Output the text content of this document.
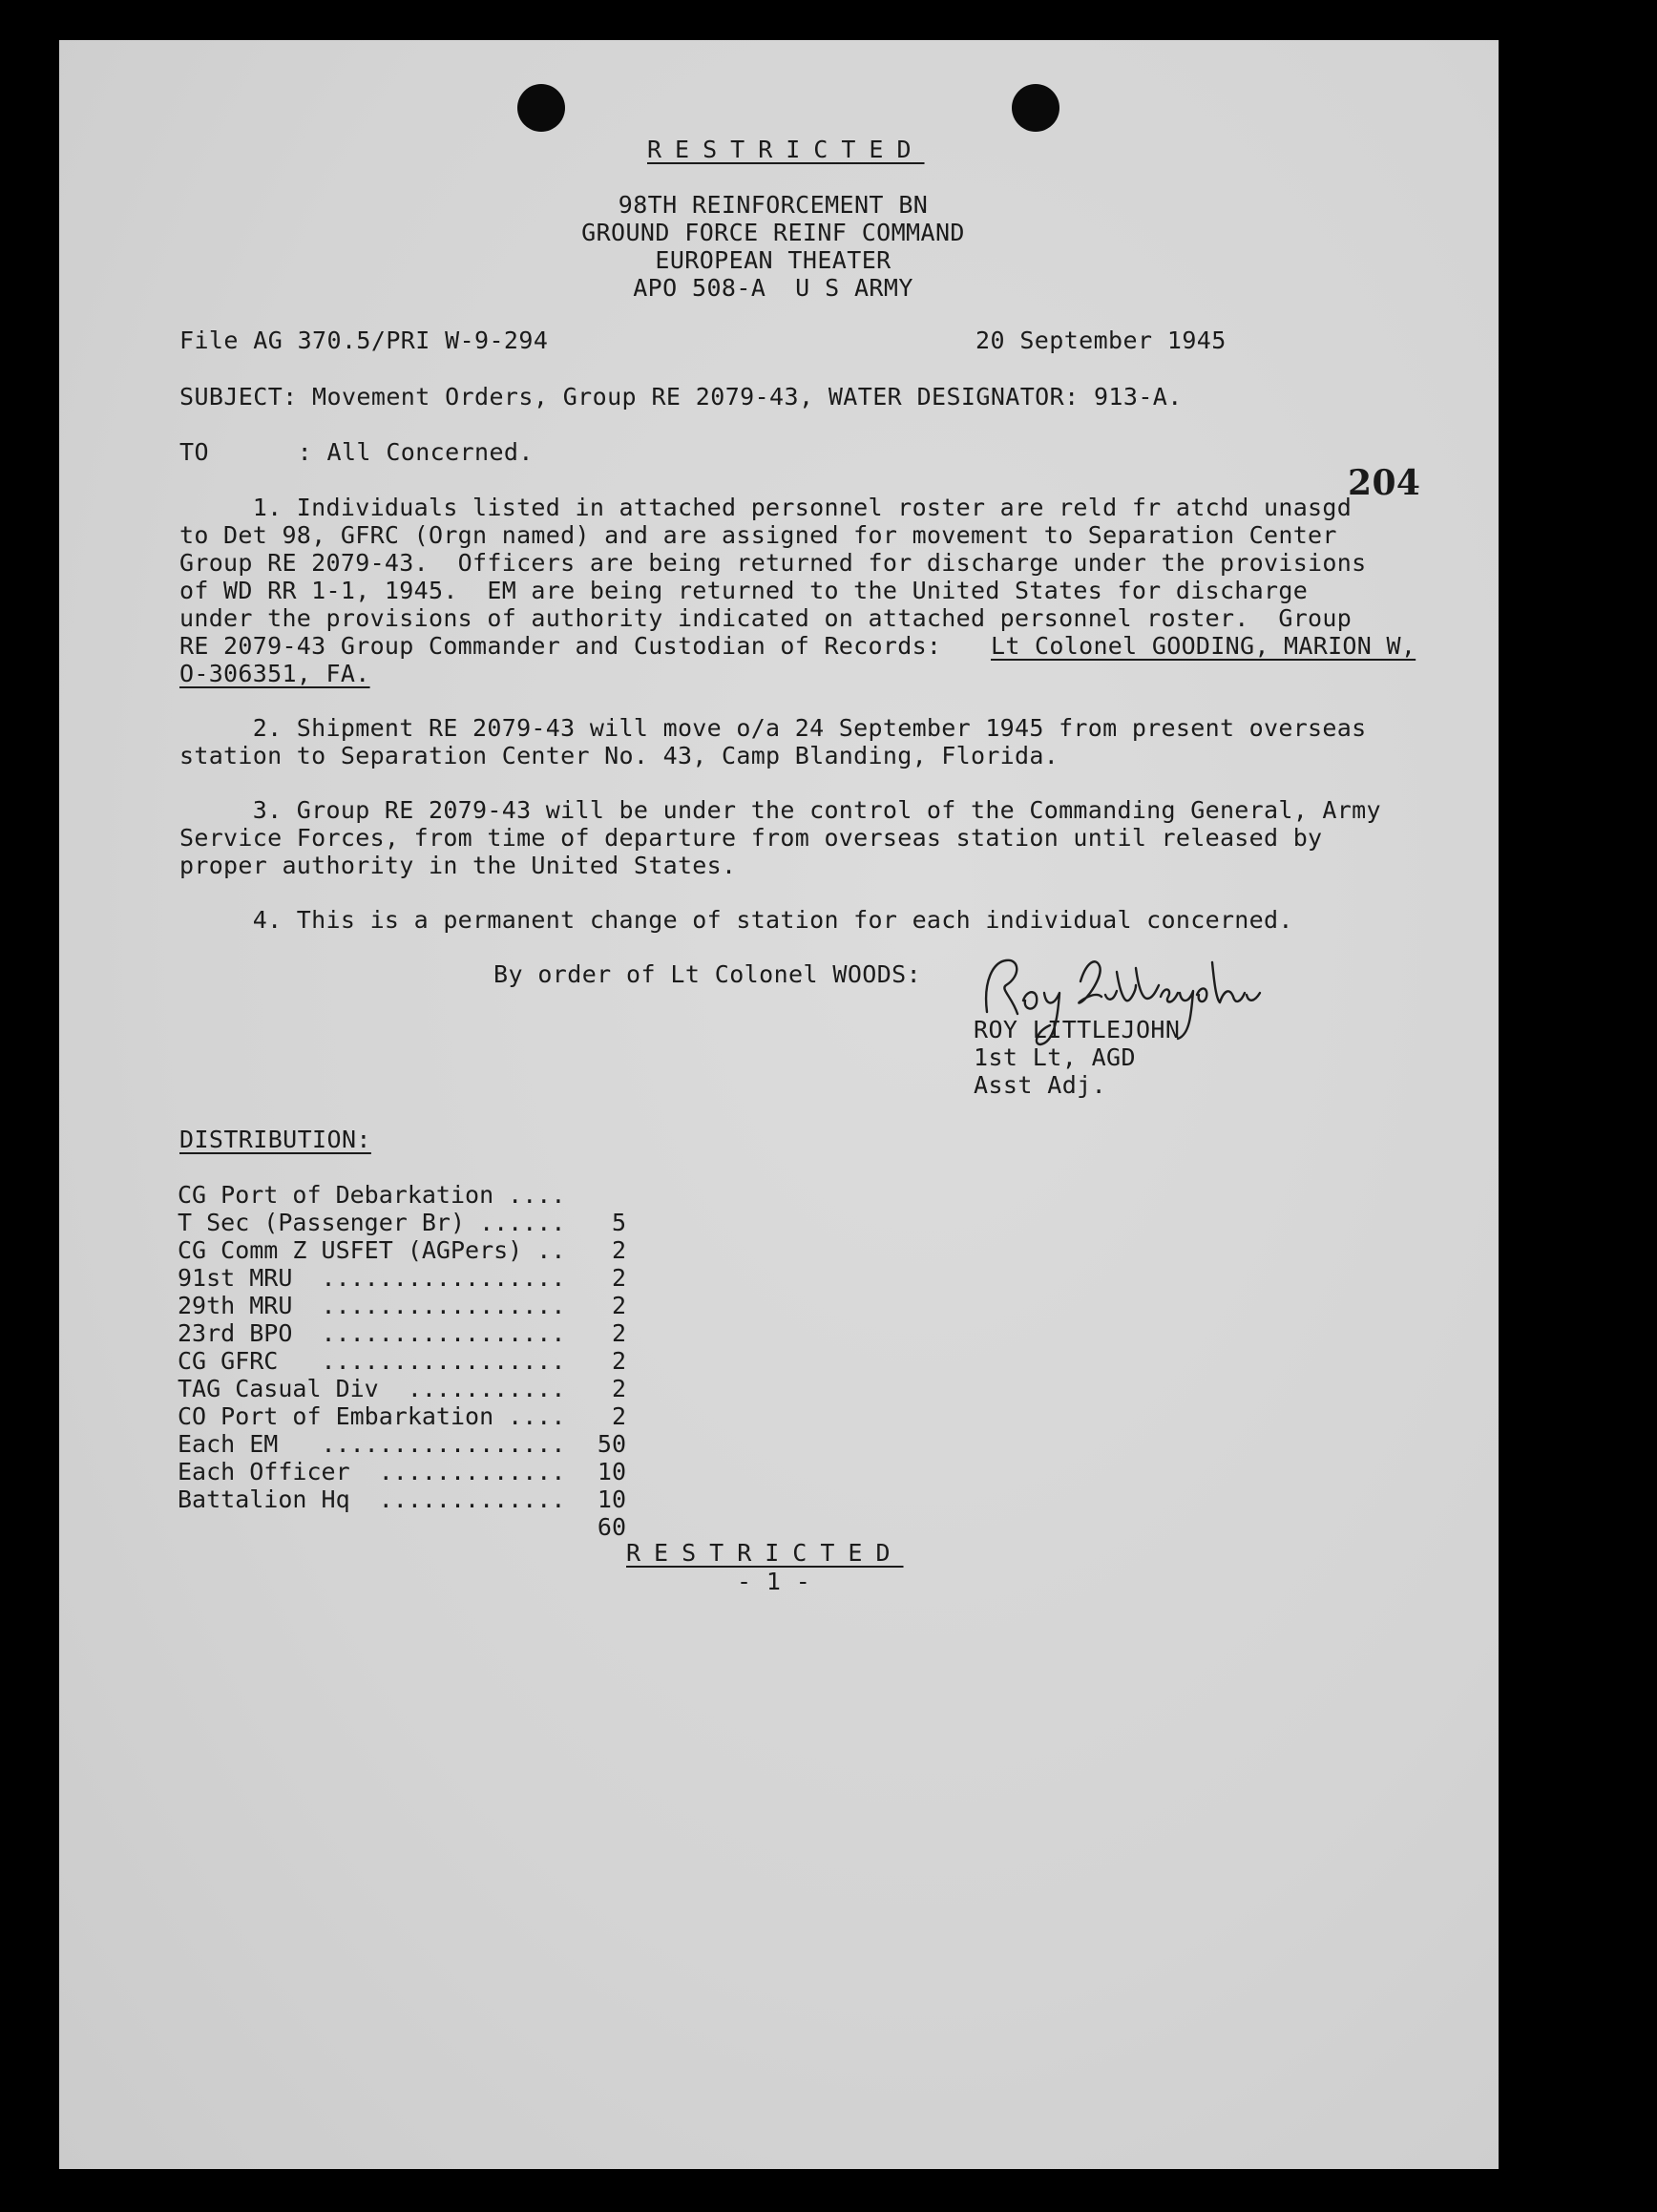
RESTRICTED
98TH REINFORCEMENT BN
GROUND FORCE REINF COMMAND
EUROPEAN THEATER
APO 508-A  U S ARMY
204
File AG 370.5/PRI W-9-294	20 September 1945
SUBJECT: Movement Orders, Group RE 2079-43, WATER DESIGNATOR: 913-A.
TO      : All Concerned.
1. Individuals listed in attached personnel roster are reld fr atchd unasgd
to Det 98, GFRC (Orgn named) and are assigned for movement to Separation Center
Group RE 2079-43.  Officers are being returned for discharge under the provisions
of WD RR 1-1, 1945.  EM are being returned to the United States for discharge
under the provisions of authority indicated on attached personnel roster.  Group
RE 2079-43 Group Commander and Custodian of Records: Lt Colonel GOODING, MARION W,
O-306351, FA.
2. Shipment RE 2079-43 will move o/a 24 September 1945 from present overseas
station to Separation Center No. 43, Camp Blanding, Florida.
3. Group RE 2079-43 will be under the control of the Commanding General, Army
Service Forces, from time of departure from overseas station until released by
proper authority in the United States.
4. This is a permanent change of station for each individual concerned.
By order of Lt Colonel WOODS:
ROY LITTLEJOHN
1st Lt, AGD
Asst Adj.
DISTRIBUTION:

CG Port of Debarkation ....

5

T Sec (Passenger Br) ......

2

CG Comm Z USFET (AGPers) ..

2

91st MRU  .................

2

29th MRU  .................

2

23rd BPO  .................

2

CG GFRC   .................

2

TAG Casual Div  ...........

2

CO Port of Embarkation ....

50

Each EM   .................

10

Each Officer  .............

10

Battalion Hq  .............

60

RESTRICTED
- 1 -
